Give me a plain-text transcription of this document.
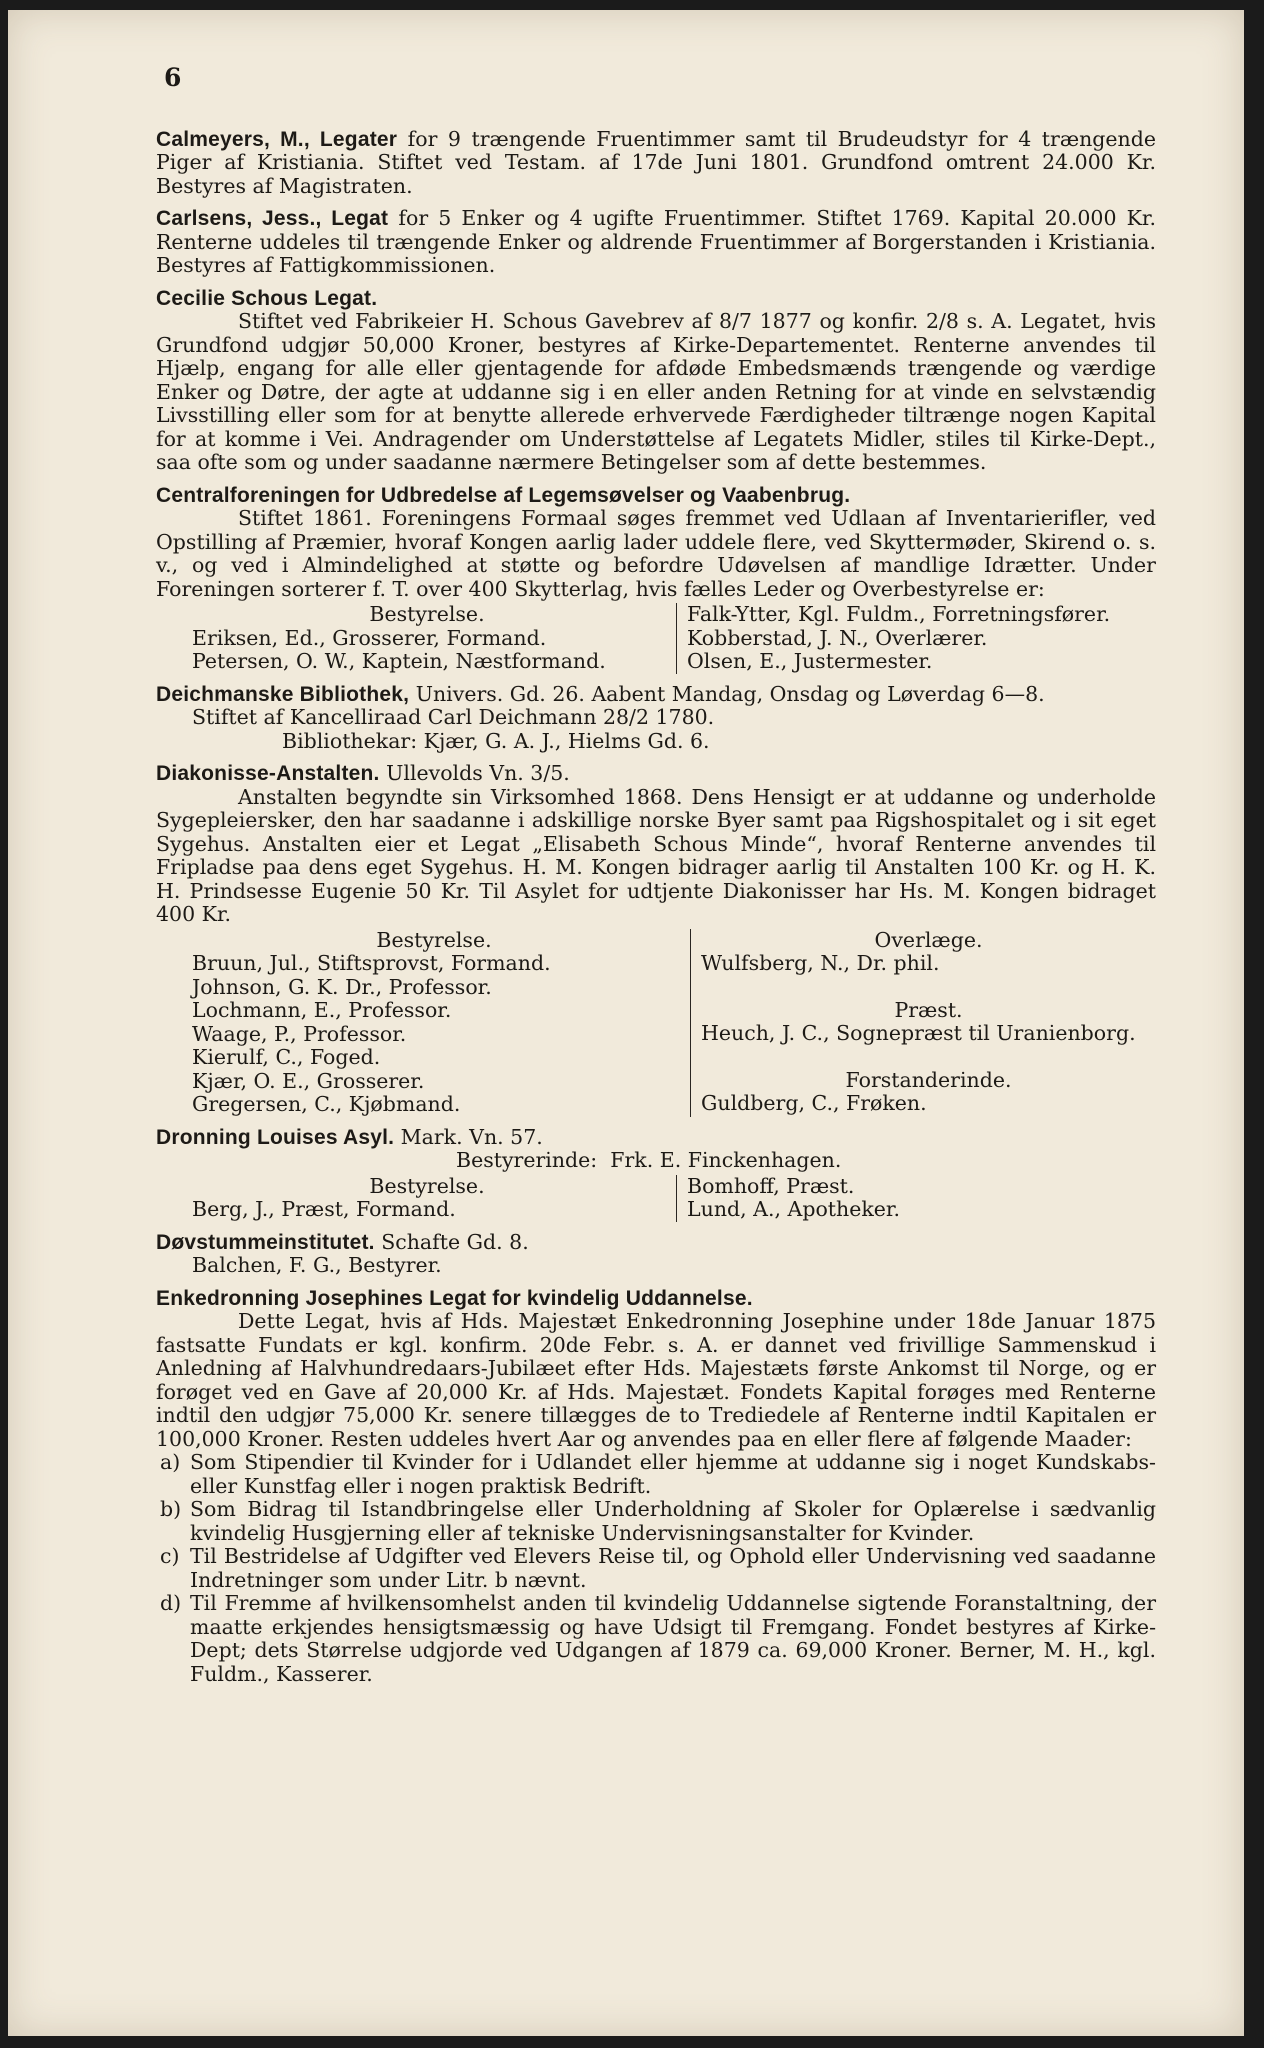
6
Calmeyers, M., Legater for 9 trængende Fruentimmer samt til Brudeudstyr for 4 trængende Piger af Kristiania. Stiftet ved Testam. af 17de Juni 1801. Grundfond omtrent 24.000 Kr. Bestyres af Magistraten.
Carlsens, Jess., Legat for 5 Enker og 4 ugifte Fruentimmer. Stiftet 1769. Kapital 20.000 Kr. Renterne uddeles til trængende Enker og aldrende Fruentimmer af Borgerstanden i Kristiania. Bestyres af Fattigkommissionen.
Cecilie Schous Legat.
Stiftet ved Fabrikeier H. Schous Gavebrev af 8/7 1877 og konfir. 2/8 s. A. Legatet, hvis Grundfond udgjør 50,000 Kroner, bestyres af Kirke-Departementet. Renterne anvendes til Hjælp, engang for alle eller gjentagende for afdøde Embedsmænds trængende og værdige Enker og Døtre, der agte at uddanne sig i en eller anden Retning for at vinde en selvstændig Livsstilling eller som for at benytte allerede erhvervede Færdigheder tiltrænge nogen Kapital for at komme i Vei. Andragender om Understøttelse af Legatets Midler, stiles til Kirke-Dept., saa ofte som og under saadanne nærmere Betingelser som af dette bestemmes.
Centralforeningen for Udbredelse af Legemsøvelser og Vaabenbrug.
Stiftet 1861. Foreningens Formaal søges fremmet ved Udlaan af Inventarierifler, ved Opstilling af Præmier, hvoraf Kongen aarlig lader uddele flere, ved Skyttermøder, Skirend o. s. v., og ved i Almindelighed at støtte og befordre Udøvelsen af mandlige Idrætter. Under Foreningen sorterer f. T. over 400 Skytterlag, hvis fælles Leder og Overbestyrelse er:
Bestyrelse.
Eriksen, Ed., Grosserer, Formand.
Petersen, O. W., Kaptein, Næstformand.
Falk-Ytter, Kgl. Fuldm., Forretningsfører.
Kobberstad, J. N., Overlærer.
Olsen, E., Justermester.
Deichmanske Bibliothek, Univers. Gd. 26. Aabent Mandag, Onsdag og Løverdag 6—8.
Stiftet af Kancelliraad Carl Deichmann 28/2 1780.
Bibliothekar: Kjær, G. A. J., Hielms Gd. 6.
Diakonisse-Anstalten. Ullevolds Vn. 3/5.
Anstalten begyndte sin Virksomhed 1868. Dens Hensigt er at uddanne og underholde Sygepleiersker, den har saadanne i adskillige norske Byer samt paa Rigshospitalet og i sit eget Sygehus. Anstalten eier et Legat „Elisabeth Schous Minde“, hvoraf Renterne anvendes til Fripladse paa dens eget Sygehus. H. M. Kongen bidrager aarlig til Anstalten 100 Kr. og H. K. H. Prindsesse Eugenie 50 Kr. Til Asylet for udtjente Diakonisser har Hs. M. Kongen bidraget 400 Kr.
Bestyrelse.
Bruun, Jul., Stiftsprovst, Formand.
Johnson, G. K. Dr., Professor.
Lochmann, E., Professor.
Waage, P., Professor.
Kierulf, C., Foged.
Kjær, O. E., Grosserer.
Gregersen, C., Kjøbmand.
Overlæge.
Wulfsberg, N., Dr. phil.
Præst.
Heuch, J. C., Sognepræst til Uranienborg.
Forstanderinde.
Guldberg, C., Frøken.
Dronning Louises Asyl. Mark. Vn. 57.
Bestyrerinde: Frk. E. Finckenhagen.
Bestyrelse.
Berg, J., Præst, Formand.
Bomhoff, Præst.
Lund, A., Apotheker.
Døvstummeinstitutet. Schafte Gd. 8.
Balchen, F. G., Bestyrer.
Enkedronning Josephines Legat for kvindelig Uddannelse.
Dette Legat, hvis af Hds. Majestæt Enkedronning Josephine under 18de Januar 1875 fastsatte Fundats er kgl. konfirm. 20de Febr. s. A. er dannet ved frivillige Sammenskud i Anledning af Halvhundredaars-Jubilæet efter Hds. Majestæts første Ankomst til Norge, og er forøget ved en Gave af 20,000 Kr. af Hds. Majestæt. Fondets Kapital forøges med Renterne indtil den udgjør 75,000 Kr. senere tillægges de to Trediedele af Renterne indtil Kapitalen er 100,000 Kroner. Resten uddeles hvert Aar og anvendes paa en eller flere af følgende Maader:
a) Som Stipendier til Kvinder for i Udlandet eller hjemme at uddanne sig i noget Kundskabs- eller Kunstfag eller i nogen praktisk Bedrift.
b) Som Bidrag til Istandbringelse eller Underholdning af Skoler for Oplærelse i sædvanlig kvindelig Husgjerning eller af tekniske Undervisningsanstalter for Kvinder.
c) Til Bestridelse af Udgifter ved Elevers Reise til, og Ophold eller Undervisning ved saadanne Indretninger som under Litr. b nævnt.
d) Til Fremme af hvilkensomhelst anden til kvindelig Uddannelse sigtende Foranstaltning, der maatte erkjendes hensigtsmæssig og have Udsigt til Fremgang. Fondet bestyres af Kirke-Dept; dets Størrelse udgjorde ved Udgangen af 1879 ca. 69,000 Kroner. Berner, M. H., kgl. Fuldm., Kasserer.
